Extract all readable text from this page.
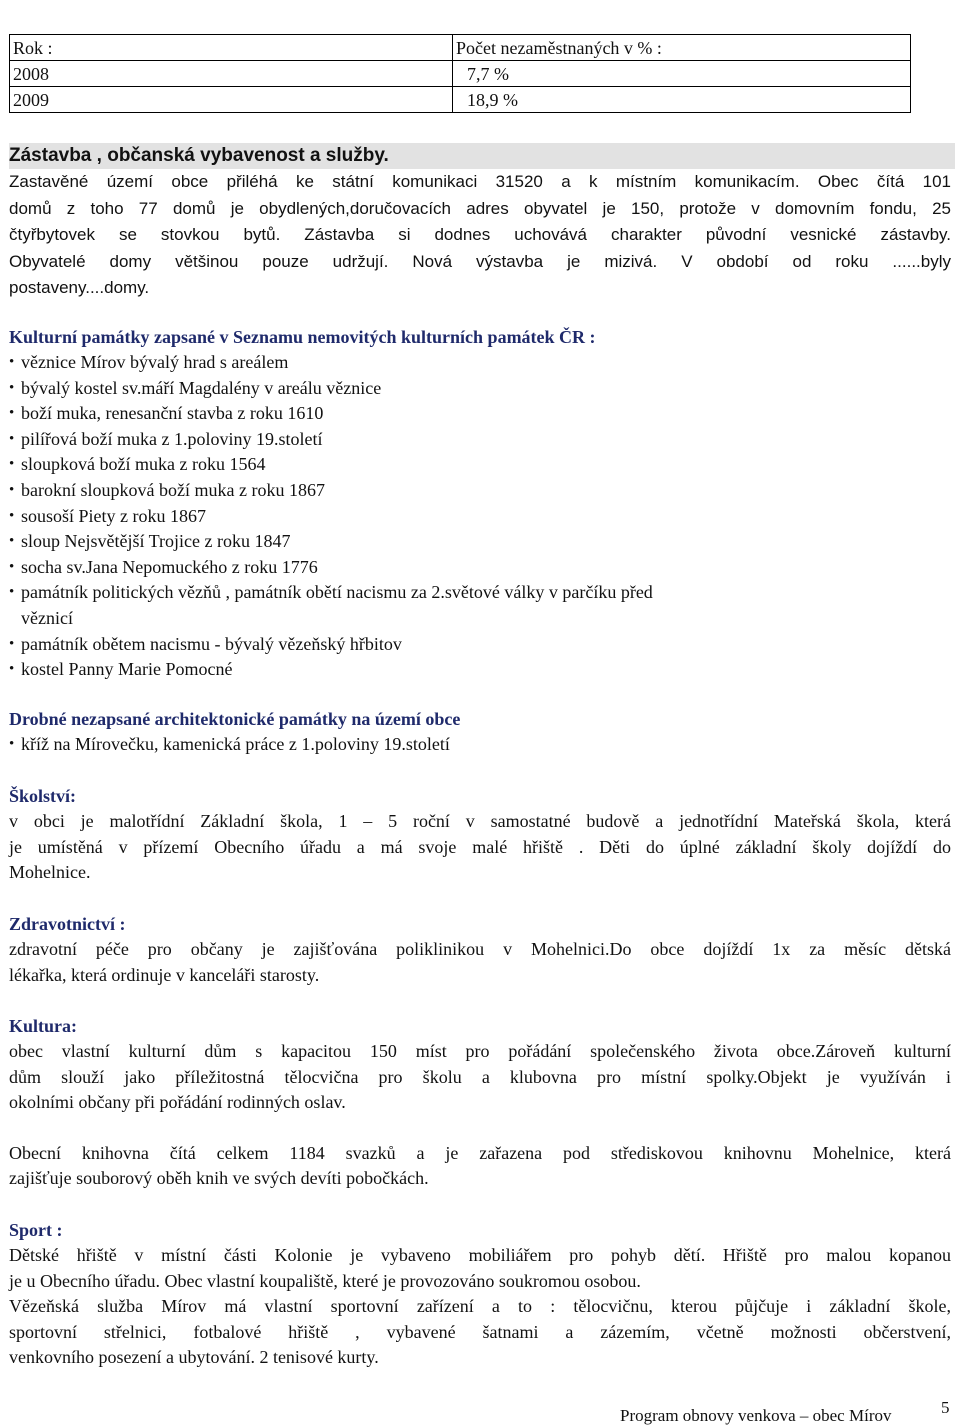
Rok :	Počet nezaměstnaných v % :
2008	7,7 %
2009	18,9 %
Zástavba , občanská vybavenost a služby.

Zastavěné území obce přiléhá ke státní komunikaci 31520 a k místním komunikacím. Obec čítá 101

domů z toho 77 domů je obydlených,doručovacích adres obyvatel je 150, protože v domovním fondu, 25

čtyřbytovek se stovkou bytů. Zástavba si dodnes uchovává charakter původní vesnické zástavby.

Obyvatelé domy většinou pouze udržují. Nová výstavba je mizivá. V období od roku ......byly

postaveny....domy.

Kulturní památky zapsané v Seznamu nemovitých kulturních památek ČR :
• věznice Mírov bývalý hrad s areálem
• bývalý kostel sv.máří Magdalény v areálu věznice
• boží muka, renesanční stavba z roku 1610
• pilířová boží muka z 1.poloviny 19.století
• sloupková boží muka z roku 1564
• barokní sloupková boží muka z roku 1867
• sousoší Piety z roku 1867
• sloup Nejsvětější Trojice z roku 1847
• socha sv.Jana Nepomuckého z roku 1776
• památník politických vězňů , památník obětí nacismu za 2.světové války v parčíku před
věznicí
• památník obětem nacismu - bývalý vězeňský hřbitov
• kostel Panny Marie Pomocné
Drobné nezapsané architektonické památky na území obce
• kříž na Mírovečku, kamenická práce z 1.poloviny 19.století
Školství:

v obci je malotřídní Základní škola, 1 – 5 roční v samostatné budově a jednotřídní Mateřská škola, která

je umístěná v přízemí Obecního úřadu a má svoje malé hřiště . Děti do úplné základní školy dojíždí do

Mohelnice.

Zdravotnictví :

zdravotní péče pro občany je zajišťována poliklinikou v Mohelnici.Do obce dojíždí 1x za měsíc dětská

lékařka, která ordinuje v kanceláři starosty.

Kultura:

obec vlastní kulturní dům s kapacitou 150 míst pro pořádání společenského života obce.Zároveň kulturní

dům slouží jako příležitostná tělocvična pro školu a klubovna pro místní spolky.Objekt je využíván i

okolními občany při pořádání rodinných oslav.

Obecní knihovna čítá celkem 1184 svazků a je zařazena pod střediskovou knihovnu Mohelnice, která

zajišťuje souborový oběh knih ve svých devíti pobočkách.

Sport :

Dětské hřiště v místní části Kolonie je vybaveno mobiliářem pro pohyb dětí. Hřiště pro malou kopanou

je u Obecního úřadu. Obec vlastní koupaliště, které je provozováno soukromou osobou.

Vězeňská služba Mírov má vlastní sportovní zařízení a to : tělocvičnu, kterou půjčuje i základní škole,

sportovní střelnici, fotbalové hřiště , vybavené šatnami a zázemím, včetně možnosti občerstvení,

venkovního posezení a ubytování. 2 tenisové kurty.

Program obnovy venkova – obec Mírov	5
